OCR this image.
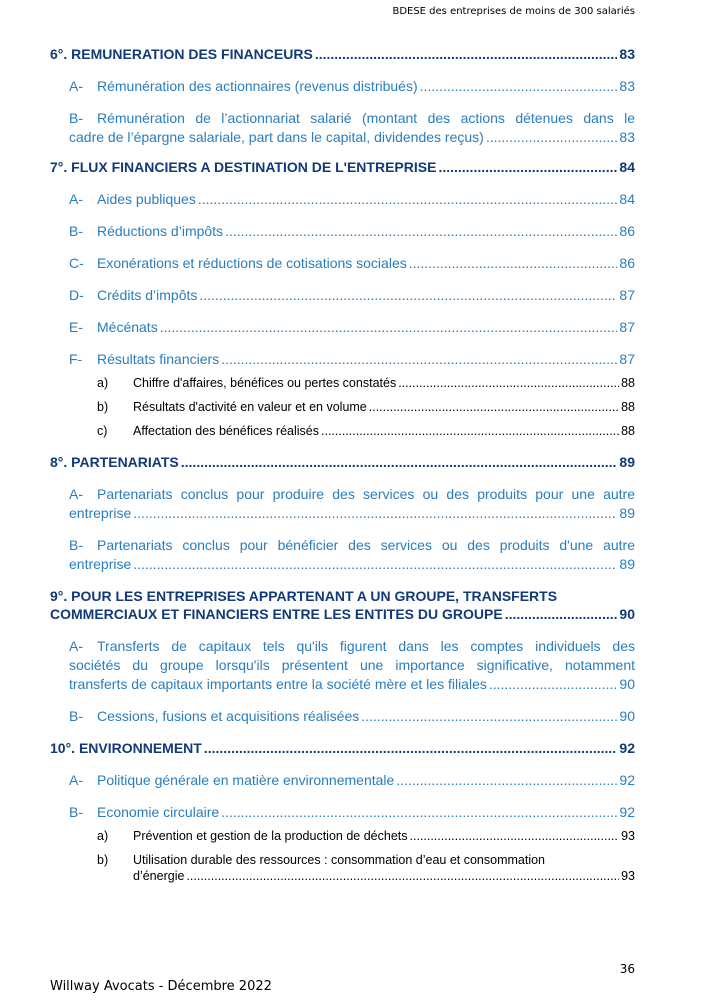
BDESE des entreprises de moins de 300 salariés
6°. REMUNERATION DES FINANCEURS .....	83
A-	Rémunération des actionnaires (revenus distribués) .....	83
B- Rémunération de l’actionnariat salarié (montant des actions détenues dans le
cadre de l’épargne salariale, part dans le capital, dividendes reçus) .....	83
7°. FLUX FINANCIERS A DESTINATION DE L'ENTREPRISE .....	84
A-	Aides publiques .....	84
B-	Réductions d’impôts .....	86
C- Exonérations et réductions de cotisations sociales .....	86
D- Crédits d’impôts .....	87
E-	Mécénats .....	87
F-	Résultats financiers .....	87
a)	Chiffre d'affaires, bénéfices ou pertes constatés .....	88
b)	Résultats d'activité en valeur et en volume .....	88
c)	Affectation des bénéfices réalisés .....	88
8°. PARTENARIATS .....	89
A- Partenariats conclus pour produire des services ou des produits pour une autre
entreprise .....	89
B- Partenariats conclus pour bénéficier des services ou des produits d'une autre
entreprise .....	89
9°. POUR LES ENTREPRISES APPARTENANT A UN GROUPE, TRANSFERTS
COMMERCIAUX ET FINANCIERS ENTRE LES ENTITES DU GROUPE .....	90
A- Transferts de capitaux tels qu'ils figurent dans les comptes individuels des
sociétés du groupe lorsqu'ils présentent une importance significative, notamment
transferts de capitaux importants entre la société mère et les filiales .....	90
B-	Cessions, fusions et acquisitions réalisées .....	90
10°. ENVIRONNEMENT .....	92
A-	Politique générale en matière environnementale .....	92
B-	Economie circulaire .....	92
a)	Prévention et gestion de la production de déchets .....	93
b)	Utilisation durable des ressources : consommation d’eau et consommation
d’énergie .....	93
36
Willway Avocats - Décembre 2022
